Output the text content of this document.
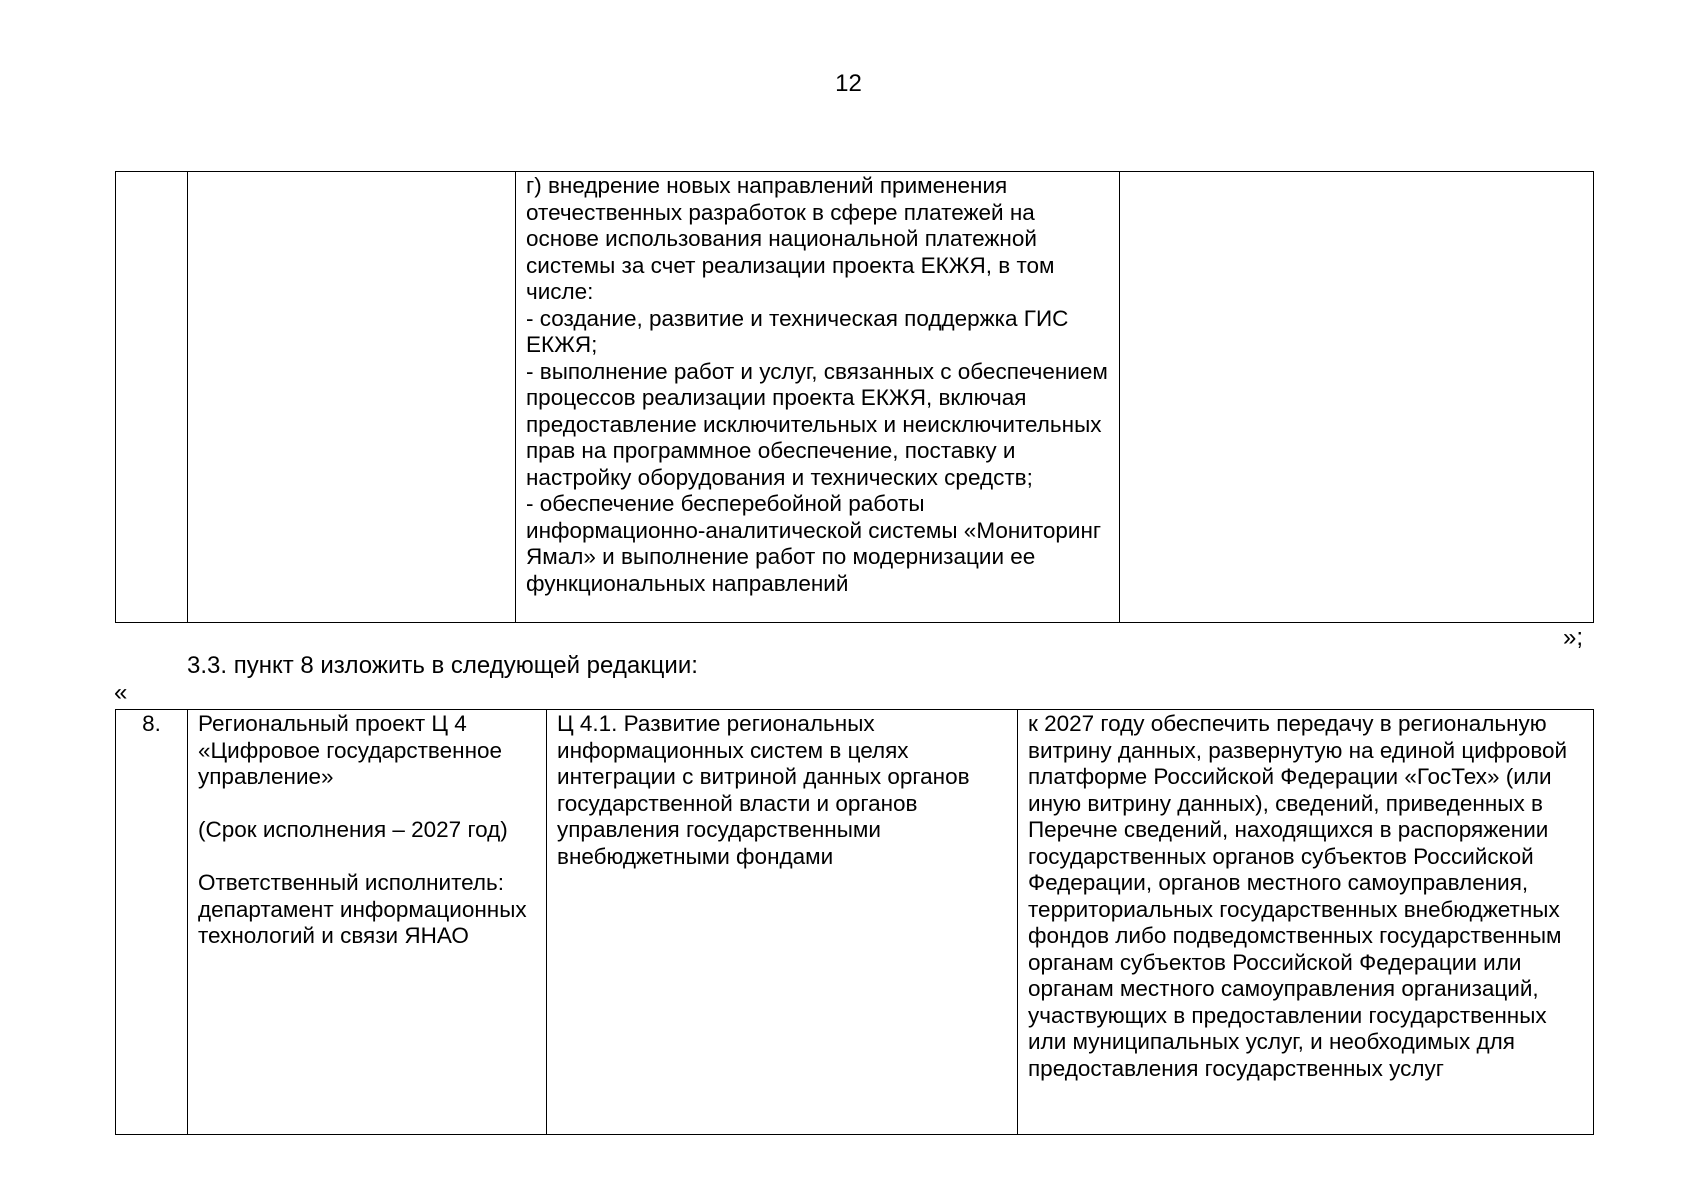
12
		г) внедрение новых направлений применения отечественных разработок в сфере платежей на основе использования национальной платежной системы за счет реализации проекта ЕКЖЯ, в том числе:
- создание, развитие и техническая поддержка ГИС ЕКЖЯ;
- выполнение работ и услуг, связанных с обеспечением процессов реализации проекта ЕКЖЯ, включая предоставление исключительных и неисключительных прав на программное обеспечение, поставку и настройку оборудования и технических средств;
- обеспечение бесперебойной работы информационно-аналитической системы «Мониторинг Ямал» и выполнение работ по модернизации ее функциональных направлений	
»;
3.3. пункт 8 изложить в следующей редакции:
«
8.	Региональный проект Ц 4 «Цифровое государственное управление»

(Срок исполнения – 2027 год)

Ответственный исполнитель: департамент информационных технологий и связи ЯНАО	Ц 4.1. Развитие региональных информационных систем в целях интеграции с витриной данных органов государственной власти и органов управления государственными внебюджетными фондами	к 2027 году обеспечить передачу в региональную витрину данных, развернутую на единой цифровой платформе Российской Федерации «ГосТех» (или иную витрину данных), сведений, приведенных в Перечне сведений, находящихся в распоряжении государственных органов субъектов Российской Федерации, органов местного самоуправления, территориальных государственных внебюджетных фондов либо подведомственных государственным органам субъектов Российской Федерации или органам местного самоуправления организаций, участвующих в предоставлении государственных или муниципальных услуг, и необходимых для предоставления государственных услуг
